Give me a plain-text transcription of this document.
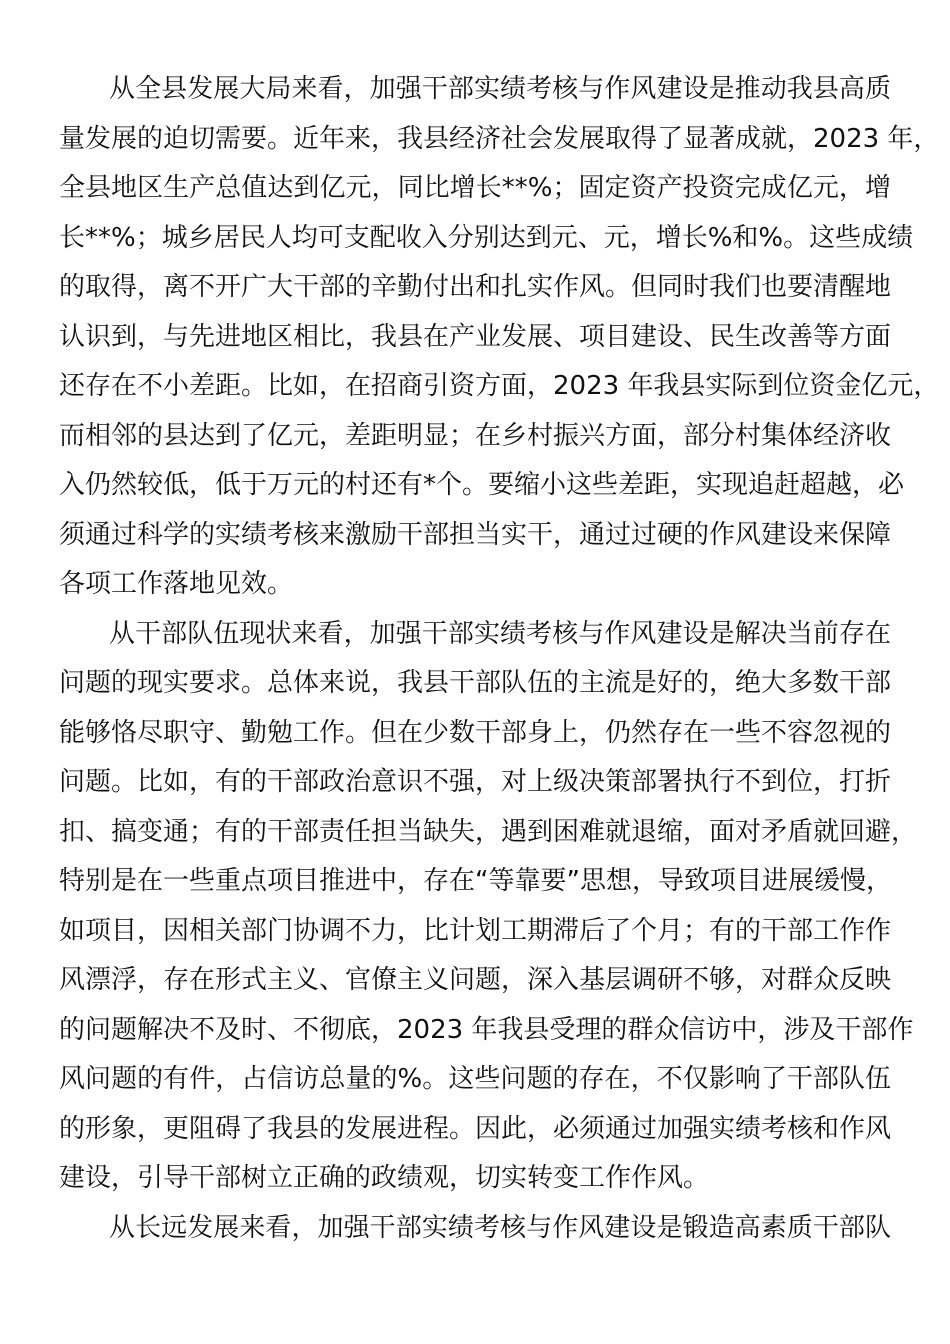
从全县发展大局来看，加强干部实绩考核与作风建设是推动我县高质
量发展的迫切需要。近年来，我县经济社会发展取得了显著成就，2023 年，
全县地区生产总值达到亿元，同比增长**%；固定资产投资完成亿元，增
长**%；城乡居民人均可支配收入分别达到元、元，增长%和%。这些成绩
的取得，离不开广大干部的辛勤付出和扎实作风。但同时我们也要清醒地
认识到，与先进地区相比，我县在产业发展、项目建设、民生改善等方面
还存在不小差距。比如，在招商引资方面，2023 年我县实际到位资金亿元，
而相邻的县达到了亿元，差距明显；在乡村振兴方面，部分村集体经济收
入仍然较低，低于万元的村还有*个。要缩小这些差距，实现追赶超越，必
须通过科学的实绩考核来激励干部担当实干，通过过硬的作风建设来保障
各项工作落地见效。
从干部队伍现状来看，加强干部实绩考核与作风建设是解决当前存在
问题的现实要求。总体来说，我县干部队伍的主流是好的，绝大多数干部
能够恪尽职守、勤勉工作。但在少数干部身上，仍然存在一些不容忽视的
问题。比如，有的干部政治意识不强，对上级决策部署执行不到位，打折
扣、搞变通；有的干部责任担当缺失，遇到困难就退缩，面对矛盾就回避，
特别是在一些重点项目推进中，存在“等靠要”思想，导致项目进展缓慢，
如项目，因相关部门协调不力，比计划工期滞后了个月；有的干部工作作
风漂浮，存在形式主义、官僚主义问题，深入基层调研不够，对群众反映
的问题解决不及时、不彻底，2023 年我县受理的群众信访中，涉及干部作
风问题的有件，占信访总量的%。这些问题的存在，不仅影响了干部队伍
的形象，更阻碍了我县的发展进程。因此，必须通过加强实绩考核和作风
建设，引导干部树立正确的政绩观，切实转变工作作风。
从长远发展来看，加强干部实绩考核与作风建设是锻造高素质干部队
